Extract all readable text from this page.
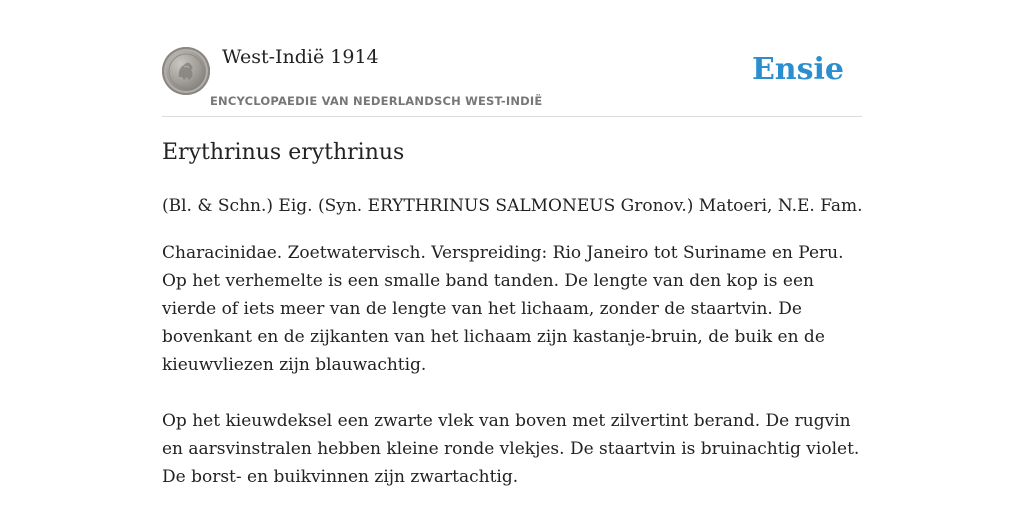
West-Indië 1914
ENCYCLOPAEDIE VAN NEDERLANDSCH WEST-INDIË
Ensie
Erythrinus erythrinus

(Bl. & Schn.) Eig. (Syn. ERYTHRINUS SALMONEUS Gronov.) Matoeri, N.E. Fam.

Characinidae. Zoetwatervisch. Verspreiding: Rio Janeiro tot Suriname en Peru. Op het verhemelte is een smalle band tanden. De lengte van den kop is een vierde of iets meer van de lengte van het lichaam, zonder de staartvin. De bovenkant en de zijkanten van het lichaam zijn kastanje-bruin, de buik en de kieuwvliezen zijn blauwachtig.

Op het kieuwdeksel een zwarte vlek van boven met zilvertint berand. De rugvin en aarsvinstralen hebben kleine ronde vlekjes. De staartvin is bruinachtig violet. De borst- en buikvinnen zijn zwartachtig.
